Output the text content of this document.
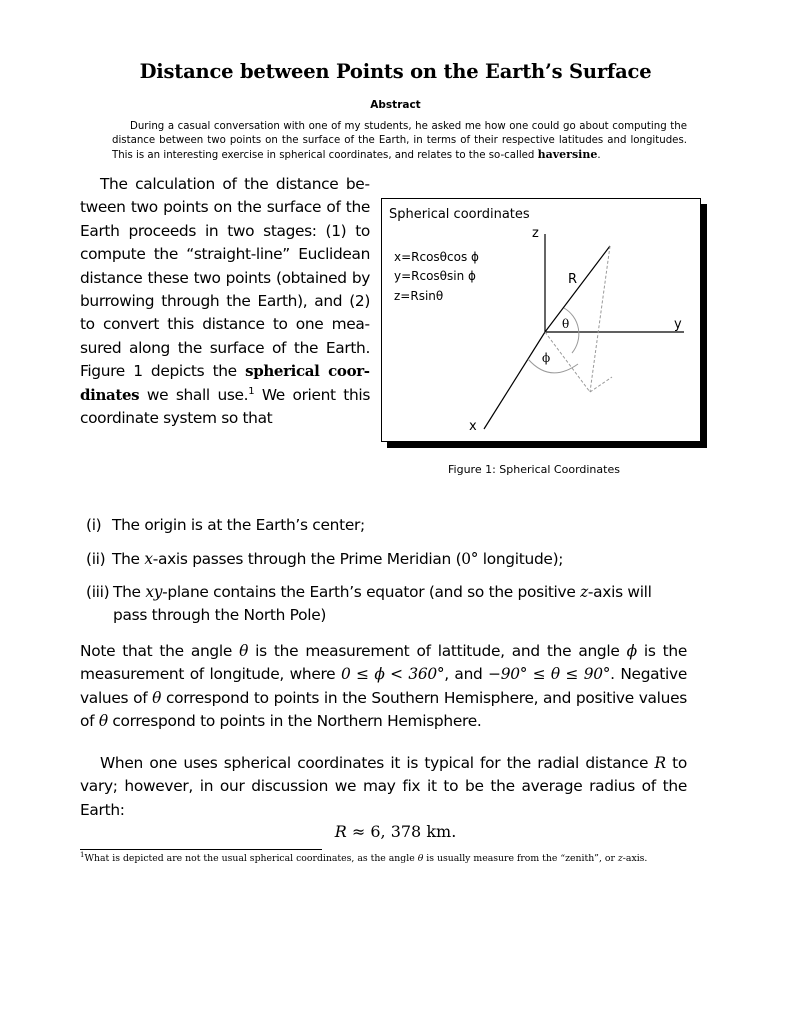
Distance between Points on the Earth’s Surface
Abstract
During a casual conversation with one of my students, he asked me how one could go about computing the distance between two points on the surface of the Earth, in terms of their respective latitudes and longitudes. This is an interesting exercise in spherical coordinates, and relates to the so-called haversine.
The calculation of the distance between two points on the surface of the Earth proceeds in two stages: (1) to compute the “straight-line” Euclidean distance these two points (obtained by burrowing through the Earth), and (2) to convert this distance to one measured along the surface of the Earth. Figure 1 depicts the spherical coordinates we shall use.$^1$ We orient this coordinate system so that
Spherical coordinates
z
y
x
R
θ
ϕ
x=Rcosθcos ϕ
y=Rcosθsin ϕ
z=Rsinθ
Figure 1: Spherical Coordinates
(i) The origin is at the Earth’s center;
(ii) The x-axis passes through the Prime Meridian (0° longitude);
(iii) The xy-plane contains the Earth’s equator (and so the positive z-axis will
pass through the North Pole)
Note that the angle θ is the measurement of lattitude, and the angle ϕ is the measurement of longitude, where 0 ≤ ϕ < 360°, and −90° ≤ θ ≤ 90°. Negative values of θ correspond to points in the Southern Hemisphere, and positive values of θ correspond to points in the Northern Hemisphere.
When one uses spherical coordinates it is typical for the radial distance R to vary; however, in our discussion we may fix it to be the average radius of the Earth:
R ≈ 6, 378 km.
$^1$What is depicted are not the usual spherical coordinates, as the angle θ is usually measure from the “zenith”, or z-axis.
